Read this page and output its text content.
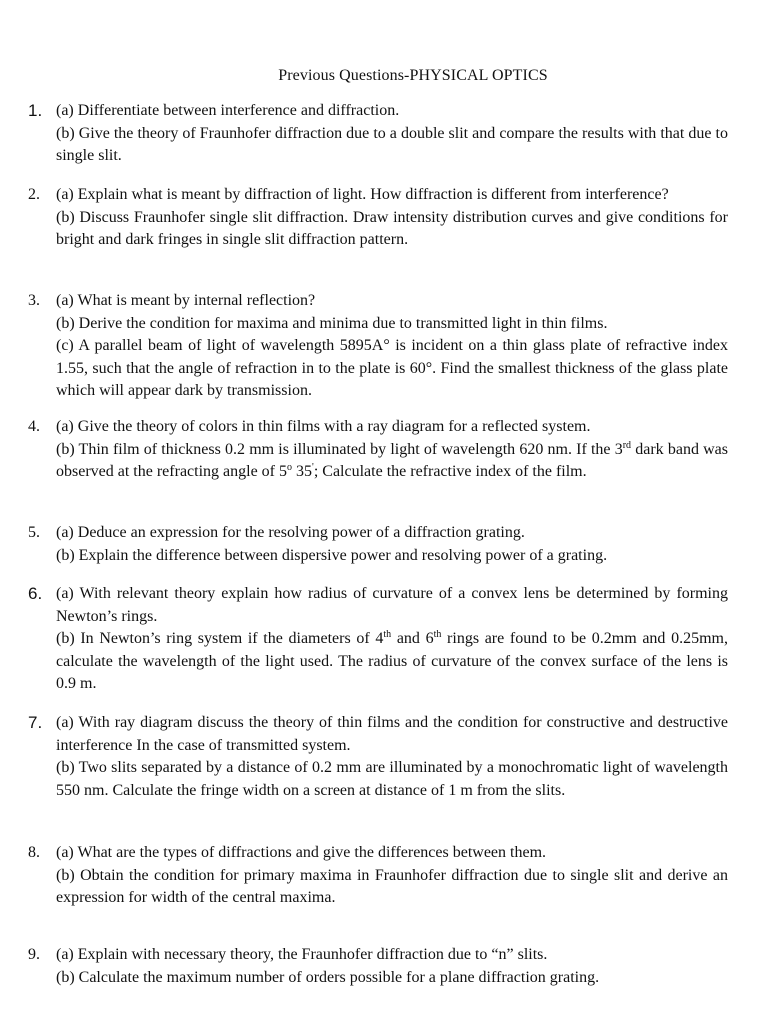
Previous Questions-PHYSICAL OPTICS
1. (a) Differentiate between interference and diffraction.
(b) Give the theory of Fraunhofer diffraction due to a double slit and compare the results with that due to single slit.
2. (a) Explain what is meant by diffraction of light. How diffraction is different from interference?
(b) Discuss Fraunhofer single slit diffraction. Draw intensity distribution curves and give conditions for bright and dark fringes in single slit diffraction pattern.
3. (a) What is meant by internal reflection?
(b) Derive the condition for maxima and minima due to transmitted light in thin films.
(c) A parallel beam of light of wavelength 5895A° is incident on a thin glass plate of refractive index 1.55, such that the angle of refraction in to the plate is 60°. Find the smallest thickness of the glass plate which will appear dark by transmission.
4. (a) Give the theory of colors in thin films with a ray diagram for a reflected system.
(b) Thin film of thickness 0.2 mm is illuminated by light of wavelength 620 nm. If the 3rd dark band was observed at the refracting angle of 5$^o$ 35'; Calculate the refractive index of the film.
5. (a) Deduce an expression for the resolving power of a diffraction grating.
(b) Explain the difference between dispersive power and resolving power of a grating.
6. (a) With relevant theory explain how radius of curvature of a convex lens be determined by forming Newton’s rings.
(b) In Newton’s ring system if the diameters of 4th and 6th rings are found to be 0.2mm and 0.25mm, calculate the wavelength of the light used. The radius of curvature of the convex surface of the lens is 0.9 m.
7. (a) With ray diagram discuss the theory of thin films and the condition for constructive and destructive interference In the case of transmitted system.
(b) Two slits separated by a distance of 0.2 mm are illuminated by a monochromatic light of wavelength 550 nm. Calculate the fringe width on a screen at distance of 1 m from the slits.
8. (a) What are the types of diffractions and give the differences between them.
(b) Obtain the condition for primary maxima in Fraunhofer diffraction due to single slit and derive an expression for width of the central maxima.
9. (a) Explain with necessary theory, the Fraunhofer diffraction due to “n” slits.
(b) Calculate the maximum number of orders possible for a plane diffraction grating.
